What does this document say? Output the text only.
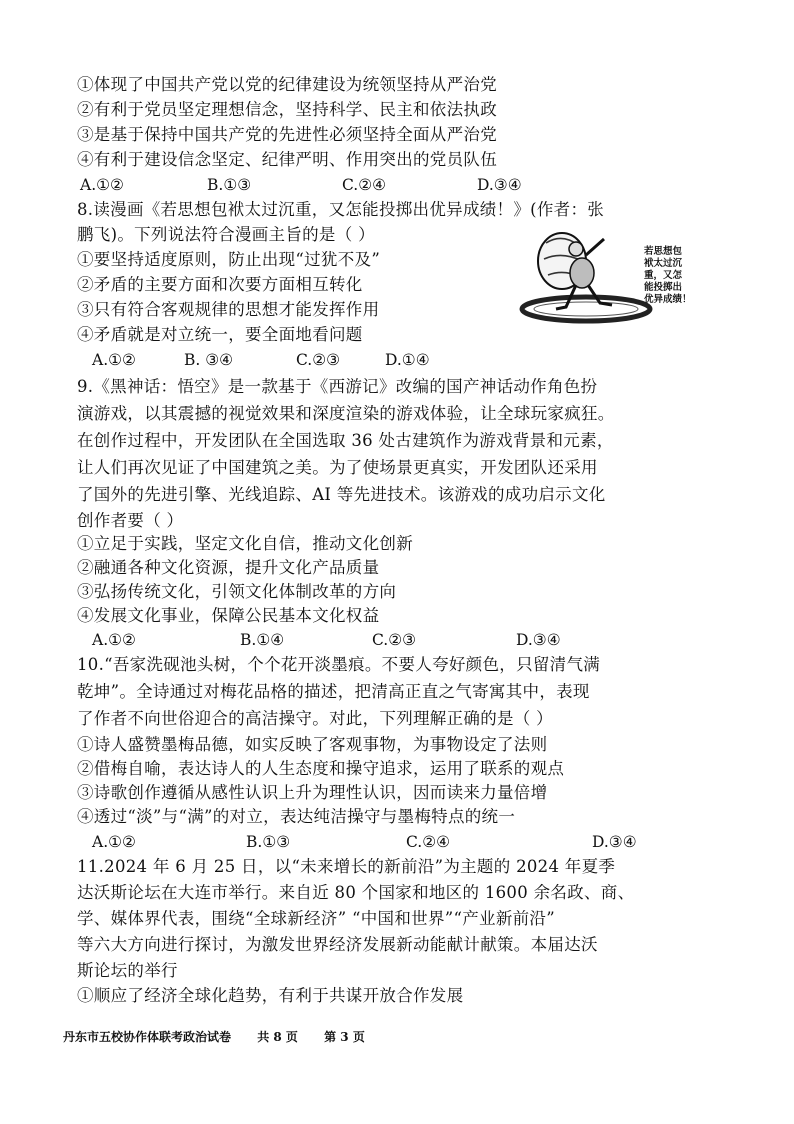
①体现了中国共产党以党的纪律建设为统领坚持从严治党
②有利于党员坚定理想信念，坚持科学、民主和依法执政
③是基于保持中国共产党的先进性必须坚持全面从严治党
④有利于建设信念坚定、纪律严明、作用突出的党员队伍
A.①②	B.①③	C.②④	D.③④
8.读漫画《若思想包袱太过沉重，又怎能投掷出优异成绩！》(作者：张
鹏飞)。下列说法符合漫画主旨的是（ ）
①要坚持适度原则，防止出现“过犹不及”
②矛盾的主要方面和次要方面相互转化
③只有符合客观规律的思想才能发挥作用
④矛盾就是对立统一，要全面地看问题
A.①②	B. ③④	C.②③	D.①④
若思想包
袱太过沉
重，又怎
能投掷出
优异成绩！
9.《黑神话：悟空》是一款基于《西游记》改编的国产神话动作角色扮
演游戏，以其震撼的视觉效果和深度渲染的游戏体验，让全球玩家疯狂。
在创作过程中，开发团队在全国选取 36 处古建筑作为游戏背景和元素，
让人们再次见证了中国建筑之美。为了使场景更真实，开发团队还采用
了国外的先进引擎、光线追踪、AI 等先进技术。该游戏的成功启示文化
创作者要（ ）
①立足于实践，坚定文化自信，推动文化创新
②融通各种文化资源，提升文化产品质量
③弘扬传统文化，引领文化体制改革的方向
④发展文化事业，保障公民基本文化权益
A.①②	B.①④	C.②③	D.③④
10.“吾家洗砚池头树，个个花开淡墨痕。不要人夸好颜色，只留清气满
乾坤”。全诗通过对梅花品格的描述，把清高正直之气寄寓其中，表现
了作者不向世俗迎合的高洁操守。对此，下列理解正确的是（ ）
①诗人盛赞墨梅品德，如实反映了客观事物，为事物设定了法则
②借梅自喻，表达诗人的人生态度和操守追求，运用了联系的观点
③诗歌创作遵循从感性认识上升为理性认识，因而读来力量倍增
④透过“淡”与“满”的对立，表达纯洁操守与墨梅特点的统一
A.①②	B.①③	C.②④	D.③④
11.2024 年 6 月 25 日，以“未来增长的新前沿”为主题的 2024 年夏季
达沃斯论坛在大连市举行。来自近 80 个国家和地区的 1600 余名政、商、
学、媒体界代表，围绕“全球新经济” “中国和世界”“产业新前沿”
等六大方向进行探讨，为激发世界经济发展新动能献计献策。本届达沃
斯论坛的举行
①顺应了经济全球化趋势，有利于共谋开放合作发展
丹东市五校协作体联考政治试卷 共 8 页 第 3 页
